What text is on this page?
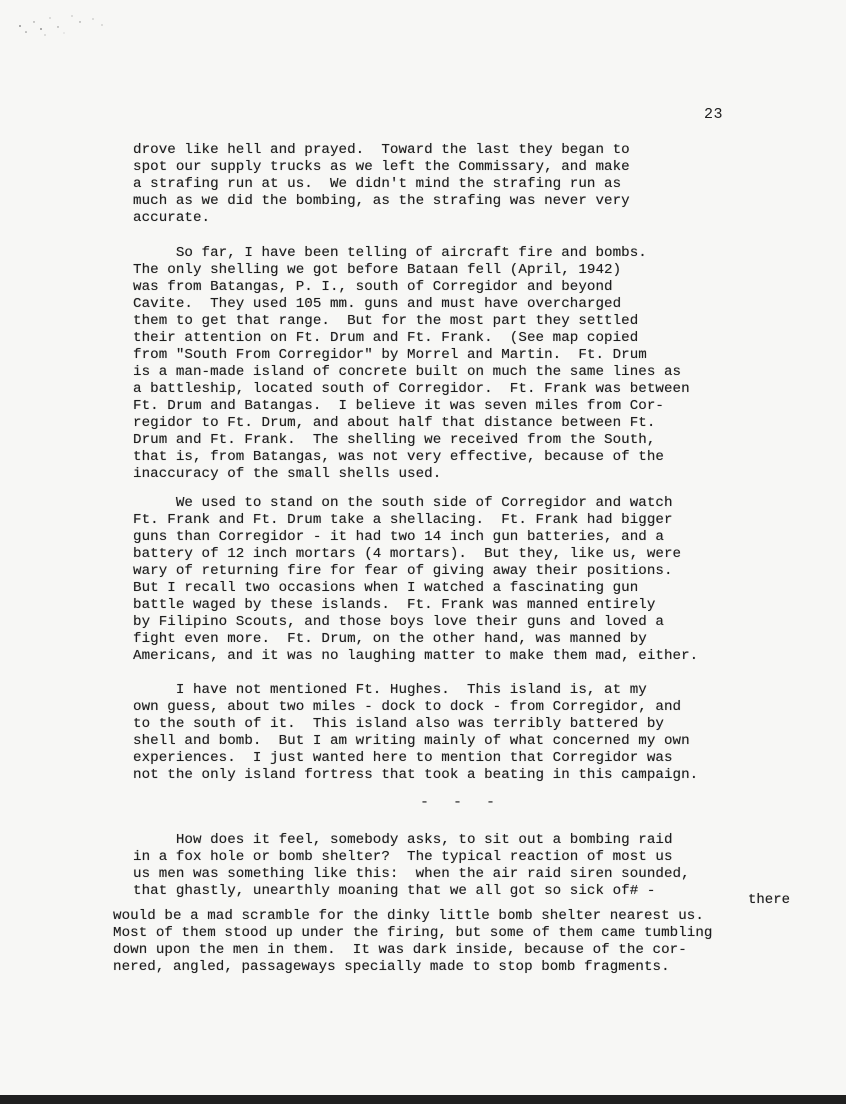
23
drove like hell and prayed.  Toward the last they began to
spot our supply trucks as we left the Commissary, and make
a strafing run at us.  We didn't mind the strafing run as
much as we did the bombing, as the strafing was never very
accurate.
So far, I have been telling of aircraft fire and bombs.
The only shelling we got before Bataan fell (April, 1942)
was from Batangas, P. I., south of Corregidor and beyond
Cavite.  They used 105 mm. guns and must have overcharged
them to get that range.  But for the most part they settled
their attention on Ft. Drum and Ft. Frank.  (See map copied
from "South From Corregidor" by Morrel and Martin.  Ft. Drum
is a man-made island of concrete built on much the same lines as
a battleship, located south of Corregidor.  Ft. Frank was between
Ft. Drum and Batangas.  I believe it was seven miles from Cor-
regidor to Ft. Drum, and about half that distance between Ft.
Drum and Ft. Frank.  The shelling we received from the South,
that is, from Batangas, was not very effective, because of the
inaccuracy of the small shells used.
We used to stand on the south side of Corregidor and watch
Ft. Frank and Ft. Drum take a shellacing.  Ft. Frank had bigger
guns than Corregidor - it had two 14 inch gun batteries, and a
battery of 12 inch mortars (4 mortars).  But they, like us, were
wary of returning fire for fear of giving away their positions.
But I recall two occasions when I watched a fascinating gun
battle waged by these islands.  Ft. Frank was manned entirely
by Filipino Scouts, and those boys love their guns and loved a
fight even more.  Ft. Drum, on the other hand, was manned by
Americans, and it was no laughing matter to make them mad, either.
I have not mentioned Ft. Hughes.  This island is, at my
own guess, about two miles - dock to dock - from Corregidor, and
to the south of it.  This island also was terribly battered by
shell and bomb.  But I am writing mainly of what concerned my own
experiences.  I just wanted here to mention that Corregidor was
not the only island fortress that took a beating in this campaign.
-  -  -
How does it feel, somebody asks, to sit out a bombing raid
in a fox hole or bomb shelter?  The typical reaction of most us
us men was something like this:  when the air raid siren sounded,
that ghastly, unearthly moaning that we all got so sick of# -
there
would be a mad scramble for the dinky little bomb shelter nearest us.
Most of them stood up under the firing, but some of them came tumbling
down upon the men in them.  It was dark inside, because of the cor-
nered, angled, passageways specially made to stop bomb fragments.
